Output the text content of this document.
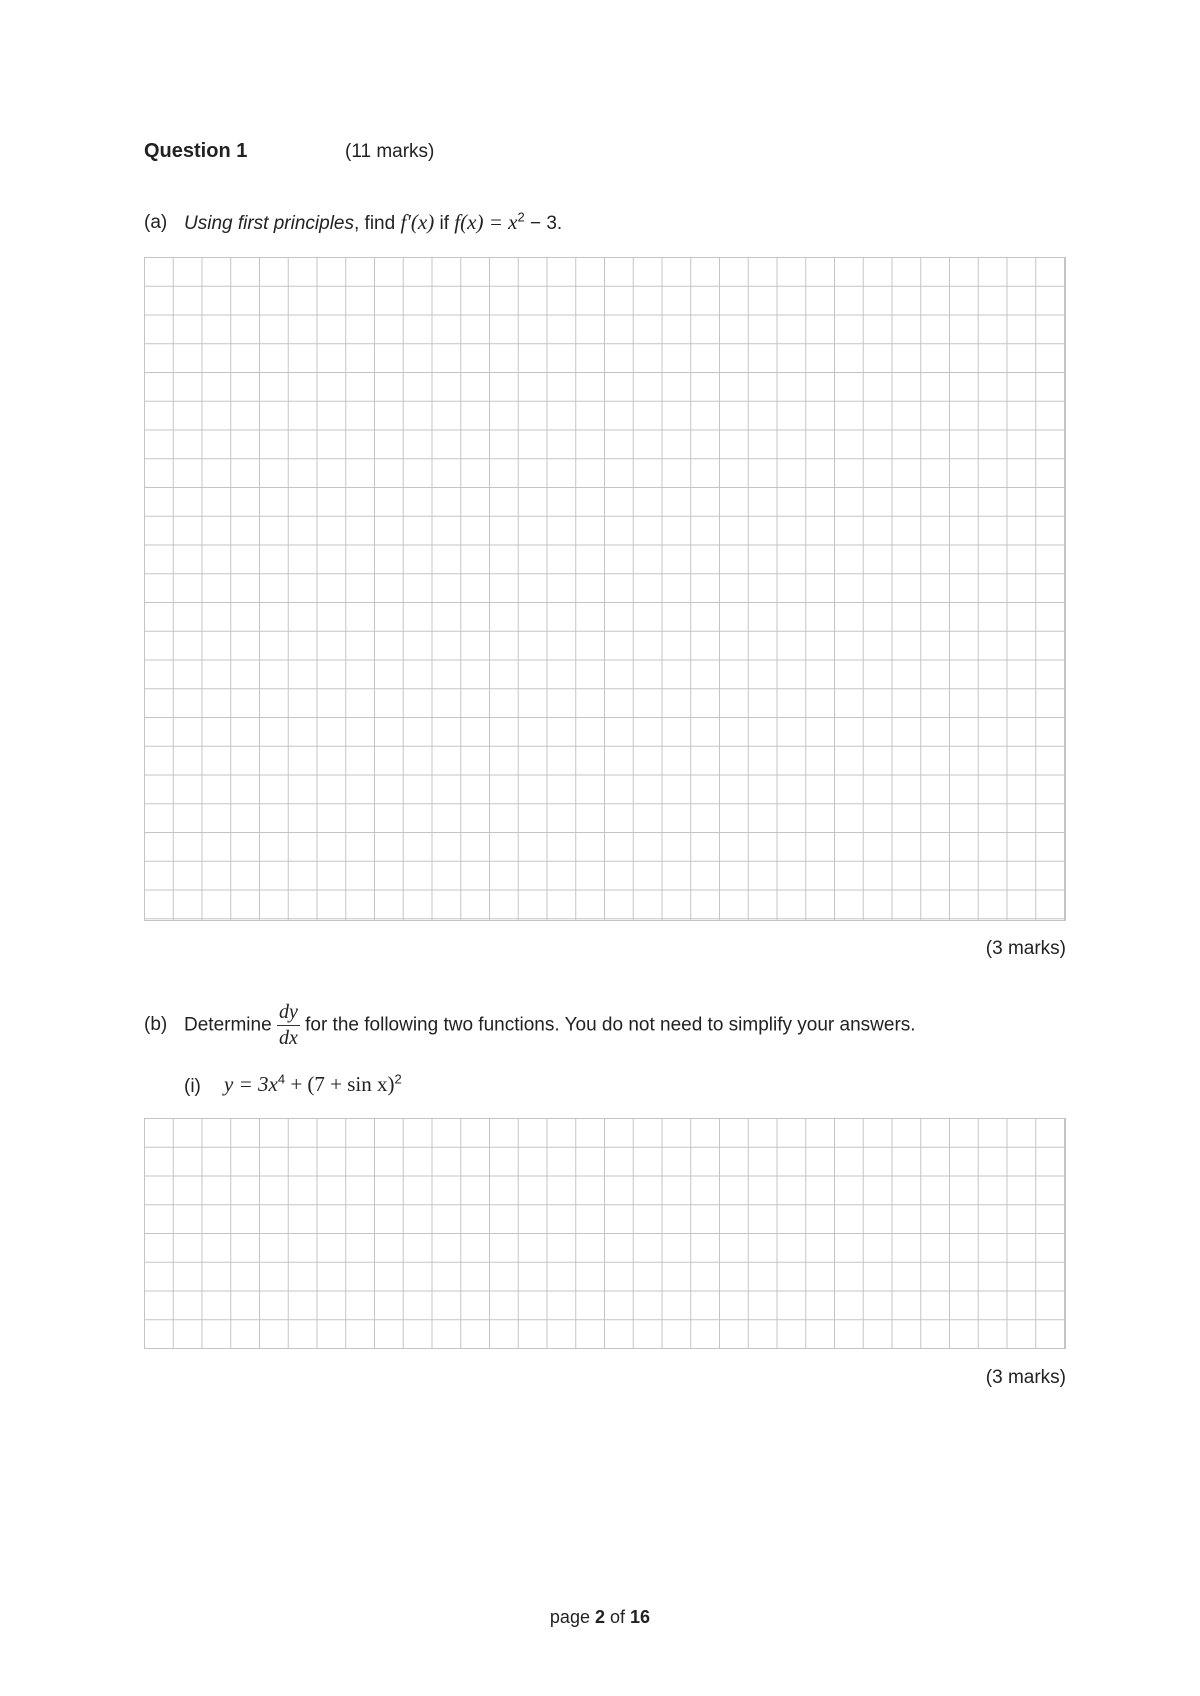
Question 1	(11 marks)
(a) Using first principles, find f′(x) if $f(x) = x^2 - 3$.
(3 marks)
(b) Determine $\frac{dy}{dx}$ for the following two functions. You do not need to simplify your answers.
(i) $y = 3x^4 + (7 + \sin x)^2$
(3 marks)
page 2 of 16
